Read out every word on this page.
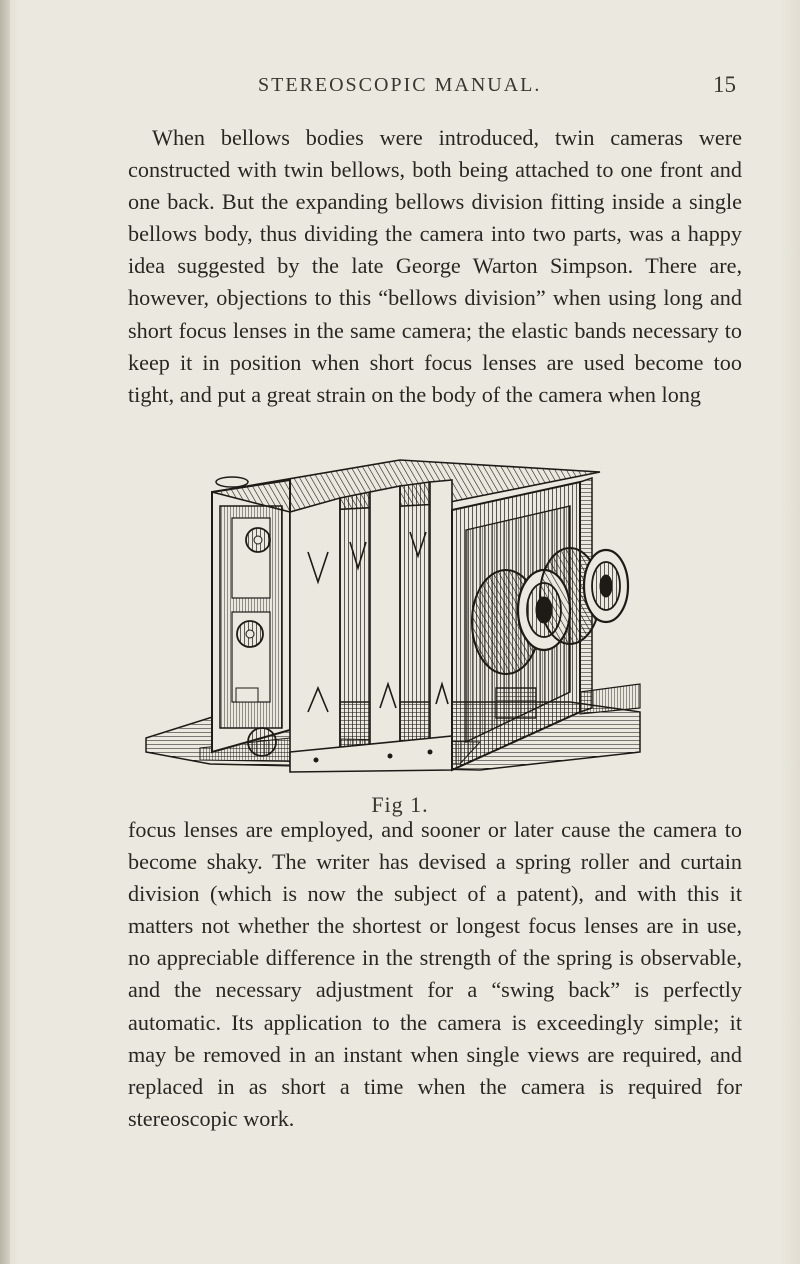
STEREOSCOPIC MANUAL.	15

When bellows bodies were introduced, twin cameras were constructed with twin bellows, both being attached to one front and one back. But the expanding bellows division fitting inside a single bellows body, thus dividing the camera into two parts, was a happy idea suggested by the late George Warton Simpson. There are, however, objections to this “bellows division” when using long and short focus lenses in the same camera; the elastic bands necessary to keep it in position when short focus lenses are used become too tight, and put a great strain on the body of the camera when long

Fig 1.

focus lenses are employed, and sooner or later cause the camera to become shaky. The writer has devised a spring roller and curtain division (which is now the subject of a patent), and with this it matters not whether the shortest or longest focus lenses are in use, no appreciable difference in the strength of the spring is observable, and the necessary adjustment for a “swing back” is perfectly automatic. Its application to the camera is exceedingly simple; it may be removed in an instant when single views are required, and replaced in as short a time when the camera is required for stereoscopic work.
